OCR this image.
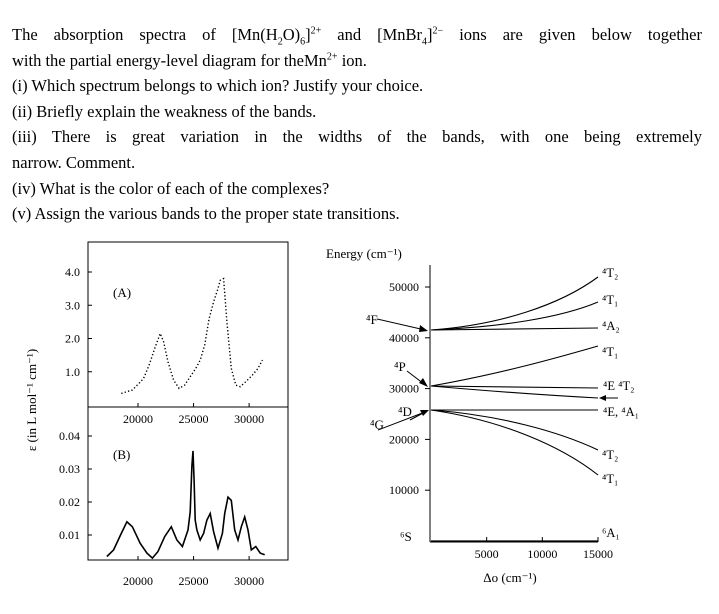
The absorption spectra of $[Mn(H_2O)_6]^{2+}$ and [MnBr$_4$]$^{2-}$ ions are given below together

with the partial energy-level diagram for theMn$^{2+}$ ion.

(i) Which spectrum belongs to which ion? Justify your choice.

(ii) Briefly explain the weakness of the bands.

(iii) There is great variation in the widths of the bands, with one being extremely

narrow. Comment.

(iv) What is the color of each of the complexes?

(v) Assign the various bands to the proper state transitions.

(A)
(B)
ε (in L mol⁻¹ cm⁻¹)
4.0
3.0
2.0
1.0
20000 25000 30000
0.04
0.03
0.02
0.01
20000 25000 30000
Energy (cm⁻¹)
50000
40000
30000
20000
10000
5000 10000 15000
Δo (cm⁻¹)
⁴F
⁴P
⁴D
⁴G
⁶S
⁴T₂
⁴T₁
⁴A₂
⁴T₁
⁴E ⁴T₂
⁴E, ⁴A₁
⁴T₂
⁴T₁
⁶A₁
